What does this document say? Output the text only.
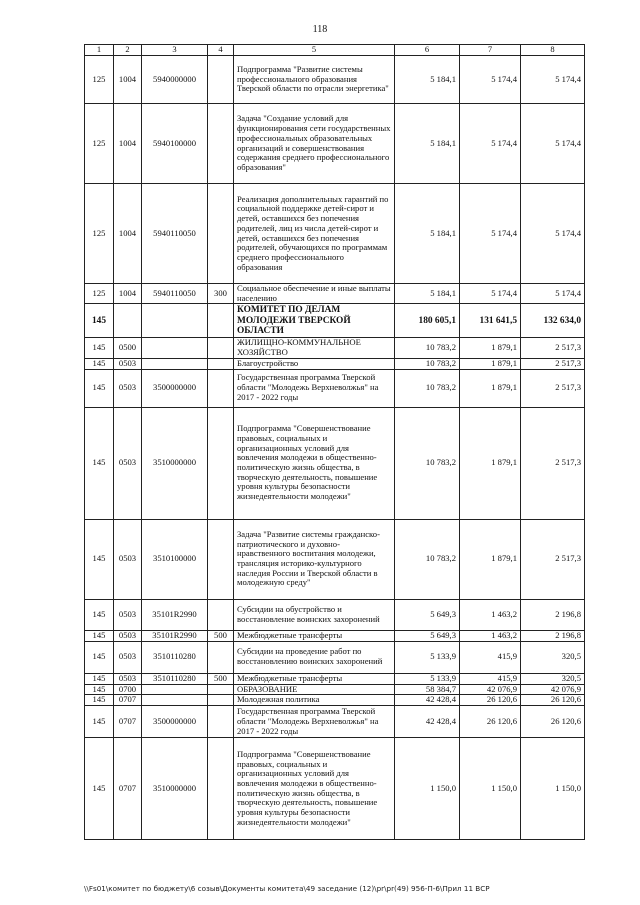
118
1	2	3	4	5	6	7	8
125	1004	5940000000		Подпрограмма "Развитие системы профессионального образования Тверской области по отрасли энергетика"	5 184,1	5 174,4	5 174,4
125	1004	5940100000		Задача "Создание условий для функционирования сети государственных профессиональных образовательных организаций и совершенствования содержания среднего профессионального образования"	5 184,1	5 174,4	5 174,4
125	1004	5940110050		Реализация дополнительных гарантий по социальной поддержке детей-сирот и детей, оставшихся без попечения родителей, лиц из числа детей-сирот и детей, оставшихся без попечения родителей, обучающихся по программам среднего профессионального образования	5 184,1	5 174,4	5 174,4
125	1004	5940110050	300	Социальное обеспечение и иные выплаты населению	5 184,1	5 174,4	5 174,4
145				КОМИТЕТ ПО ДЕЛАМ МОЛОДЕЖИ ТВЕРСКОЙ ОБЛАСТИ	180 605,1	131 641,5	132 634,0
145	0500			ЖИЛИЩНО-КОММУНАЛЬНОЕ ХОЗЯЙСТВО	10 783,2	1 879,1	2 517,3
145	0503			Благоустройство	10 783,2	1 879,1	2 517,3
145	0503	3500000000		Государственная программа Тверской области "Молодежь Верхневолжья" на 2017 - 2022 годы	10 783,2	1 879,1	2 517,3
145	0503	3510000000		Подпрограмма "Совершенствование правовых, социальных и организационных условий для вовлечения молодежи в общественно-политическую жизнь общества, в творческую деятельность, повышение уровня культуры безопасности жизнедеятельности молодежи"	10 783,2	1 879,1	2 517,3
145	0503	3510100000		Задача "Развитие системы гражданско-патриотического и духовно-нравственного воспитания молодежи, трансляция историко-культурного наследия России и Тверской области в молодежную среду"	10 783,2	1 879,1	2 517,3
145	0503	35101R2990		Субсидии на обустройство и восстановление воинских захоронений	5 649,3	1 463,2	2 196,8
145	0503	35101R2990	500	Межбюджетные трансферты	5 649,3	1 463,2	2 196,8
145	0503	3510110280		Субсидии на проведение работ по восстановлению воинских захоронений	5 133,9	415,9	320,5
145	0503	3510110280	500	Межбюджетные трансферты	5 133,9	415,9	320,5
145	0700			ОБРАЗОВАНИЕ	58 384,7	42 076,9	42 076,9
145	0707			Молодежная политика	42 428,4	26 120,6	26 120,6
145	0707	3500000000		Государственная программа Тверской области "Молодежь Верхневолжья" на 2017 - 2022 годы	42 428,4	26 120,6	26 120,6
145	0707	3510000000		Подпрограмма "Совершенствование правовых, социальных и организационных условий для вовлечения молодежи в общественно-политическую жизнь общества, в творческую деятельность, повышение уровня культуры безопасности жизнедеятельности молодежи"	1 150,0	1 150,0	1 150,0
\\Fs01\комитет по бюджету\6 созыв\Документы комитета\49 заседание (12)\pr\pr(49) 956-П-6\Прил 11 ВСР
